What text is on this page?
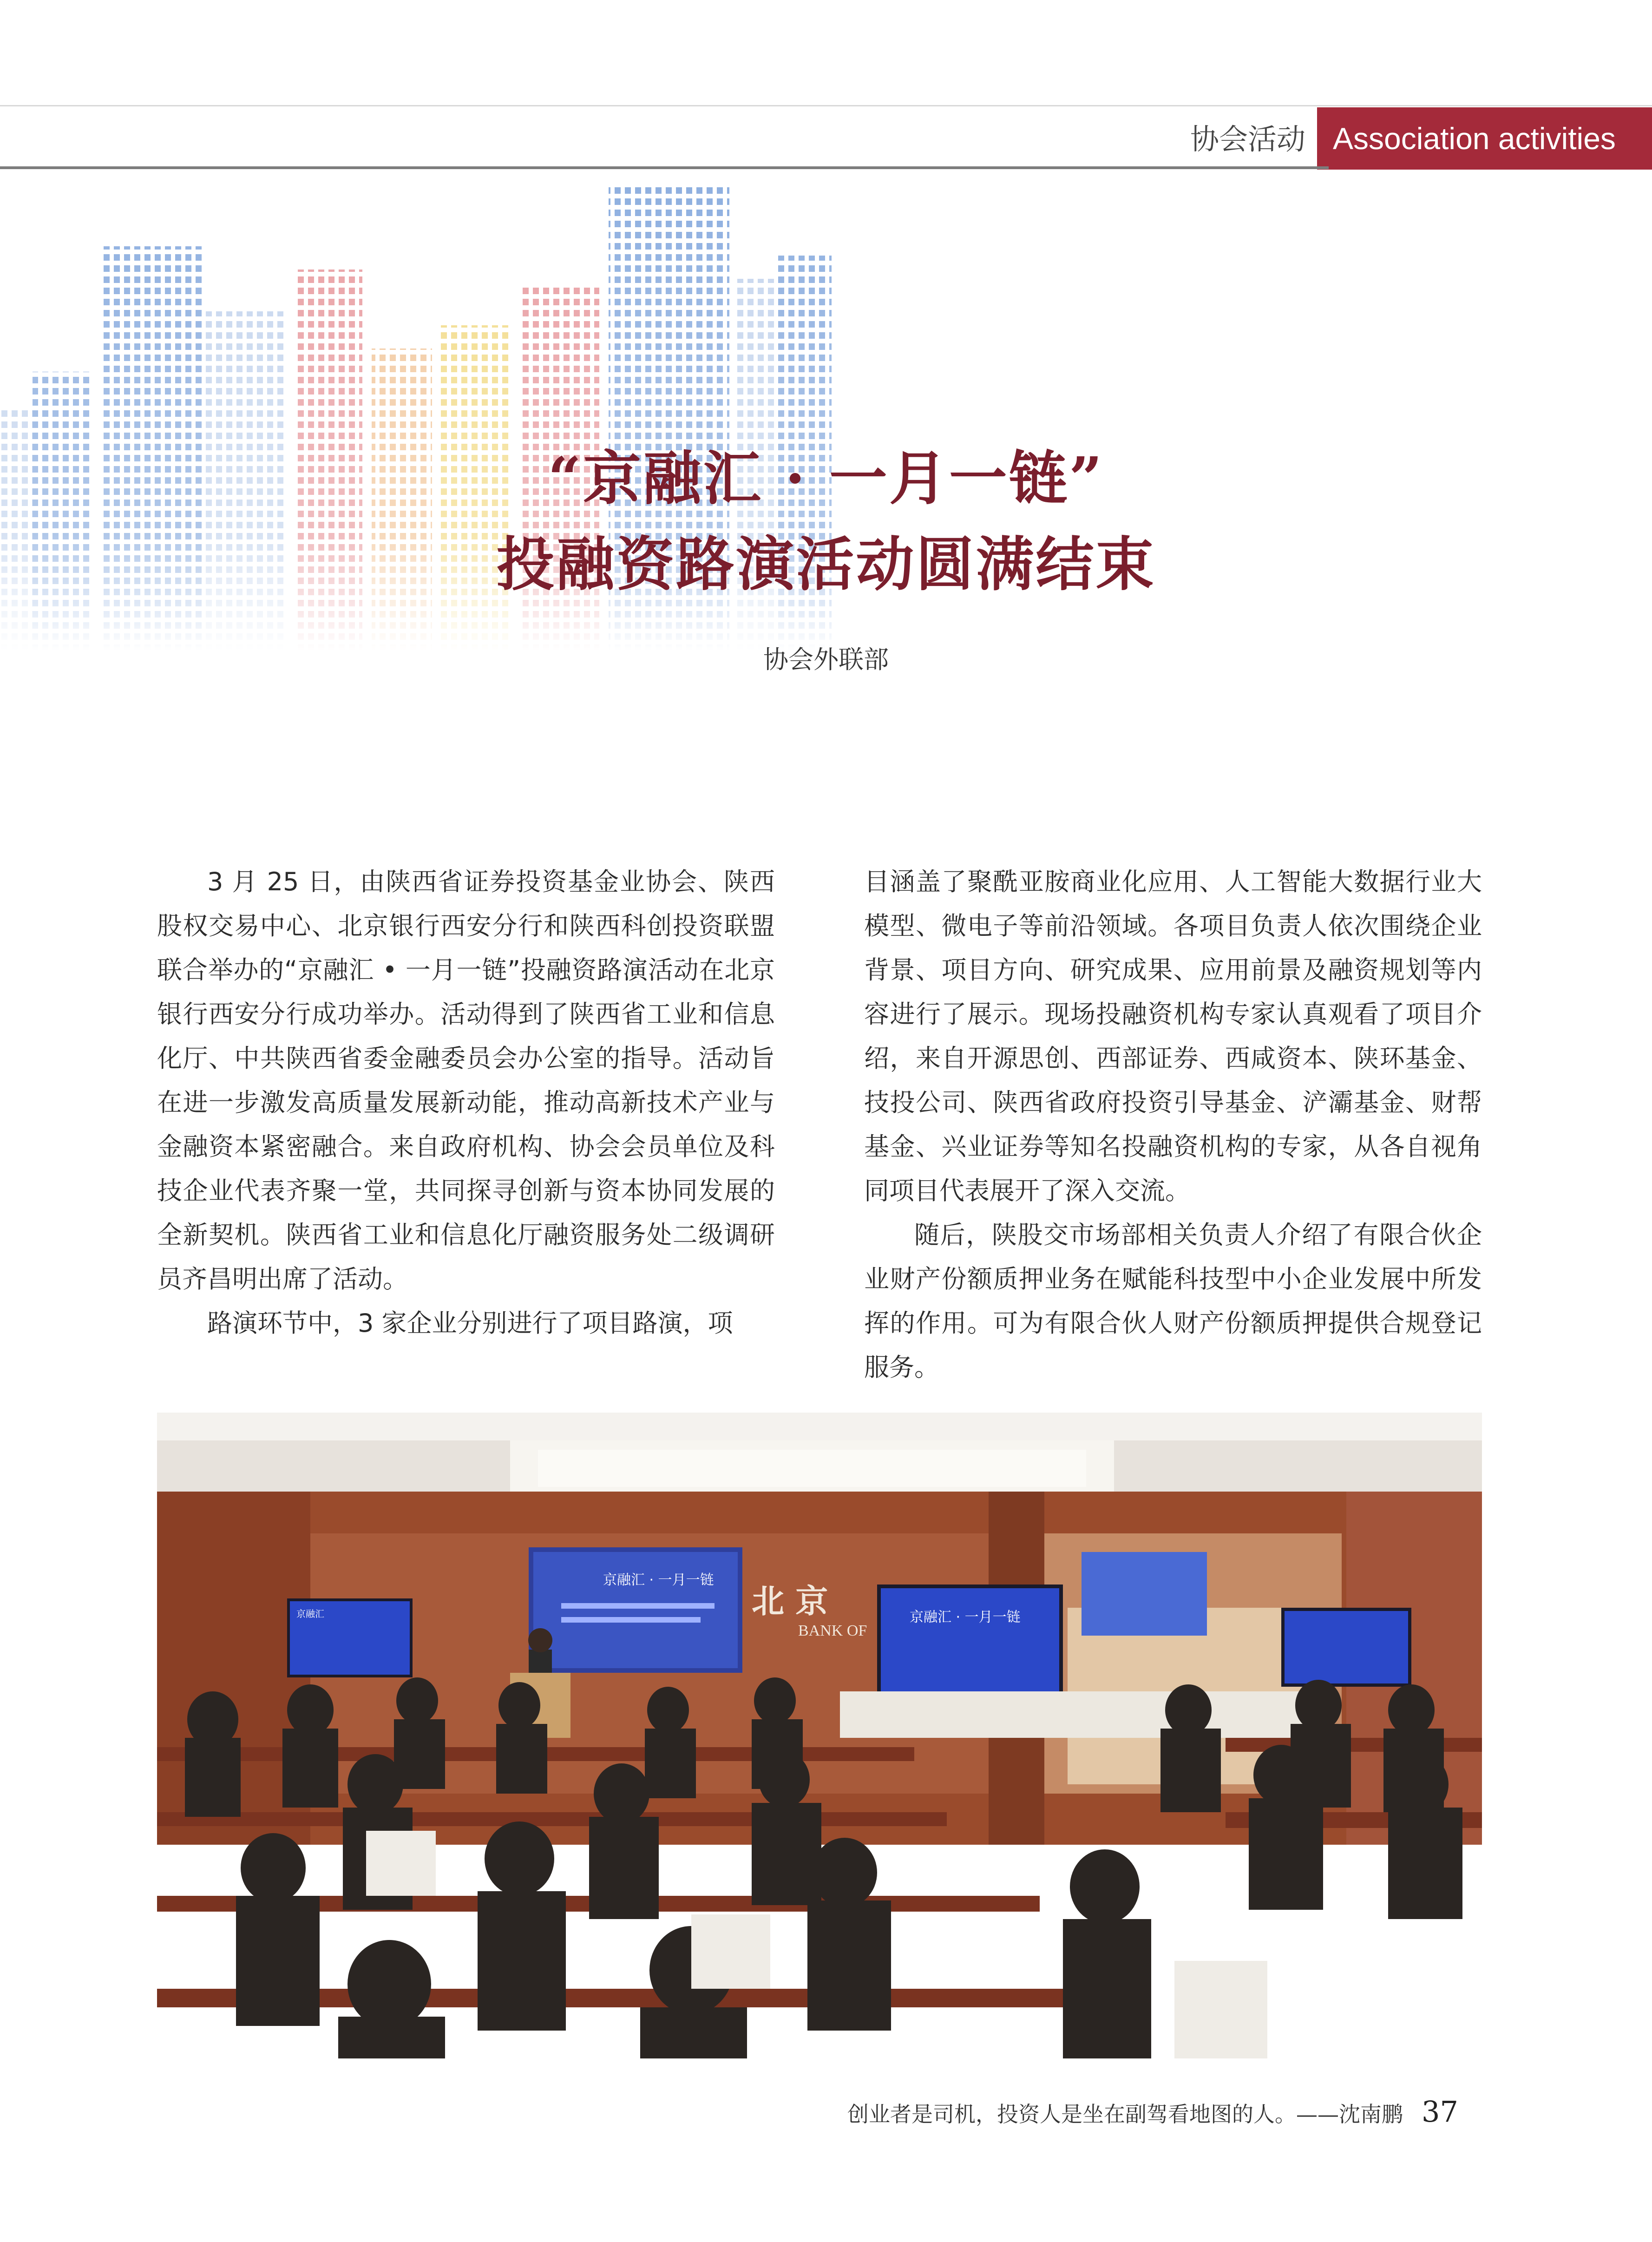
协会活动 Association activities
“京融汇 · 一月一链”
投融资路演活动圆满结束
协会外联部

3 月 25 日，由陕西省证券投资基金业协会、陕西股权交易中心、北京银行西安分行和陕西科创投资联盟联合举办的“京融汇 • 一月一链”投融资路演活动在北京银行西安分行成功举办。活动得到了陕西省工业和信息化厅、中共陕西省委金融委员会办公室的指导。活动旨在进一步激发高质量发展新动能，推动高新技术产业与金融资本紧密融合。来自政府机构、协会会员单位及科技企业代表齐聚一堂，共同探寻创新与资本协同发展的全新契机。陕西省工业和信息化厅融资服务处二级调研员齐昌明出席了活动。

路演环节中，3 家企业分别进行了项目路演，项

目涵盖了聚酰亚胺商业化应用、人工智能大数据行业大模型、微电子等前沿领域。各项目负责人依次围绕企业背景、项目方向、研究成果、应用前景及融资规划等内容进行了展示。现场投融资机构专家认真观看了项目介绍，来自开源思创、西部证券、西咸资本、陕环基金、技投公司、陕西省政府投资引导基金、浐灞基金、财帮基金、兴业证券等知名投融资机构的专家，从各自视角同项目代表展开了深入交流。

随后，陕股交市场部相关负责人介绍了有限合伙企业财产份额质押业务在赋能科技型中小企业发展中所发挥的作用。可为有限合伙人财产份额质押提供合规登记服务。

北 京
BANK OF
京融汇 · 一月一链
京融汇	京融汇 · 一月一链
创业者是司机，投资人是坐在副驾看地图的人。——沈南鹏 37
